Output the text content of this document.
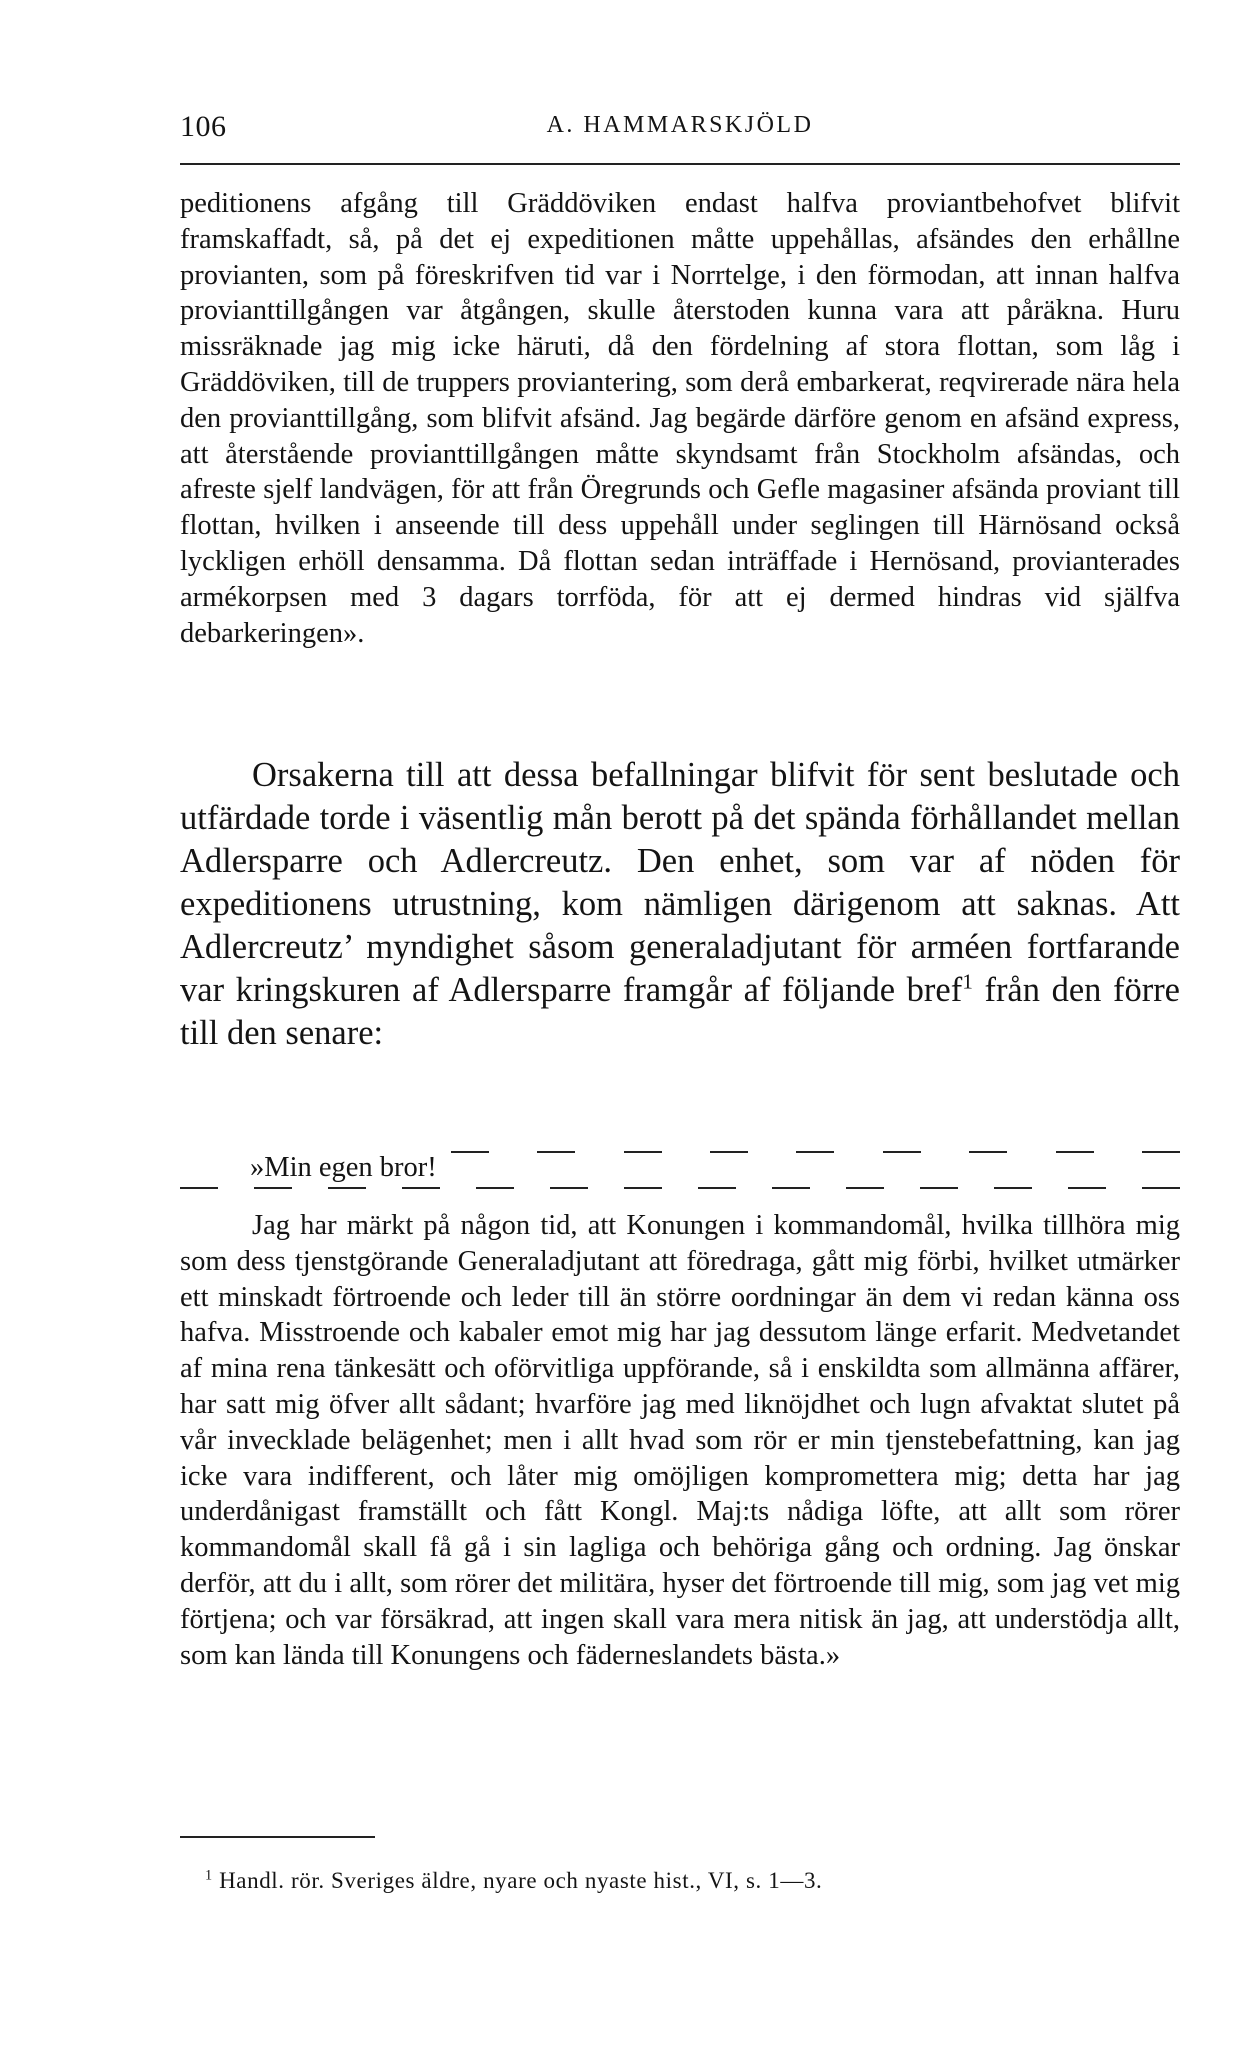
106	A. HAMMARSKJÖLD

peditionens afgång till Gräddöviken endast halfva proviantbehofvet blifvit framskaffadt, så, på det ej expeditionen måtte uppehållas, afsändes den erhållne provianten, som på föreskrifven tid var i Norrtelge, i den förmodan, att innan halfva provianttillgången var åtgången, skulle återstoden kunna vara att påräkna. Huru missräknade jag mig icke häruti, då den fördelning af stora flottan, som låg i Gräddöviken, till de truppers proviantering, som derå embarkerat, reqvirerade nära hela den provianttillgång, som blifvit afsänd. Jag begärde därföre genom en afsänd express, att återstående provianttillgången måtte skyndsamt från Stockholm afsändas, och afreste sjelf landvägen, för att från Öregrunds och Gefle magasiner afsända proviant till flottan, hvilken i anseende till dess uppehåll under seglingen till Härnösand också lyckligen erhöll densamma. Då flottan sedan inträffade i Hernösand, provianterades armékorpsen med 3 dagars torrföda, för att ej dermed hindras vid själfva debarkeringen».

Orsakerna till att dessa befallningar blifvit för sent beslutade och utfärdade torde i väsentlig mån berott på det spända förhållandet mellan Adlersparre och Adlercreutz. Den enhet, som var af nöden för expeditionens utrustning, kom nämligen därigenom att saknas. Att Adlercreutz’ myndighet såsom generaladjutant för arméen fortfarande var kringskuren af Adlersparre framgår af följande bref$^1$ från den förre till den senare:

»Min egen bror!

Jag har märkt på någon tid, att Konungen i kommandomål, hvilka tillhöra mig som dess tjenstgörande Generaladjutant att föredraga, gått mig förbi, hvilket utmärker ett minskadt förtroende och leder till än större oordningar än dem vi redan känna oss hafva. Misstroende och kabaler emot mig har jag dessutom länge erfarit. Medvetandet af mina rena tänkesätt och oförvitliga uppförande, så i enskildta som allmänna affärer, har satt mig öfver allt sådant; hvarföre jag med liknöjdhet och lugn afvaktat slutet på vår invecklade belägenhet; men i allt hvad som rör er min tjenstebefattning, kan jag icke vara indifferent, och låter mig omöjligen kompromettera mig; detta har jag underdånigast framställt och fått Kongl. Maj:ts nådiga löfte, att allt som rörer kommandomål skall få gå i sin lagliga och behöriga gång och ordning. Jag önskar derför, att du i allt, som rörer det militära, hyser det förtroende till mig, som jag vet mig förtjena; och var försäkrad, att ingen skall vara mera nitisk än jag, att understödja allt, som kan lända till Konungens och fäderneslandets bästa.»

$^1$ Handl. rör. Sveriges äldre, nyare och nyaste hist., VI, s. 1—3.
